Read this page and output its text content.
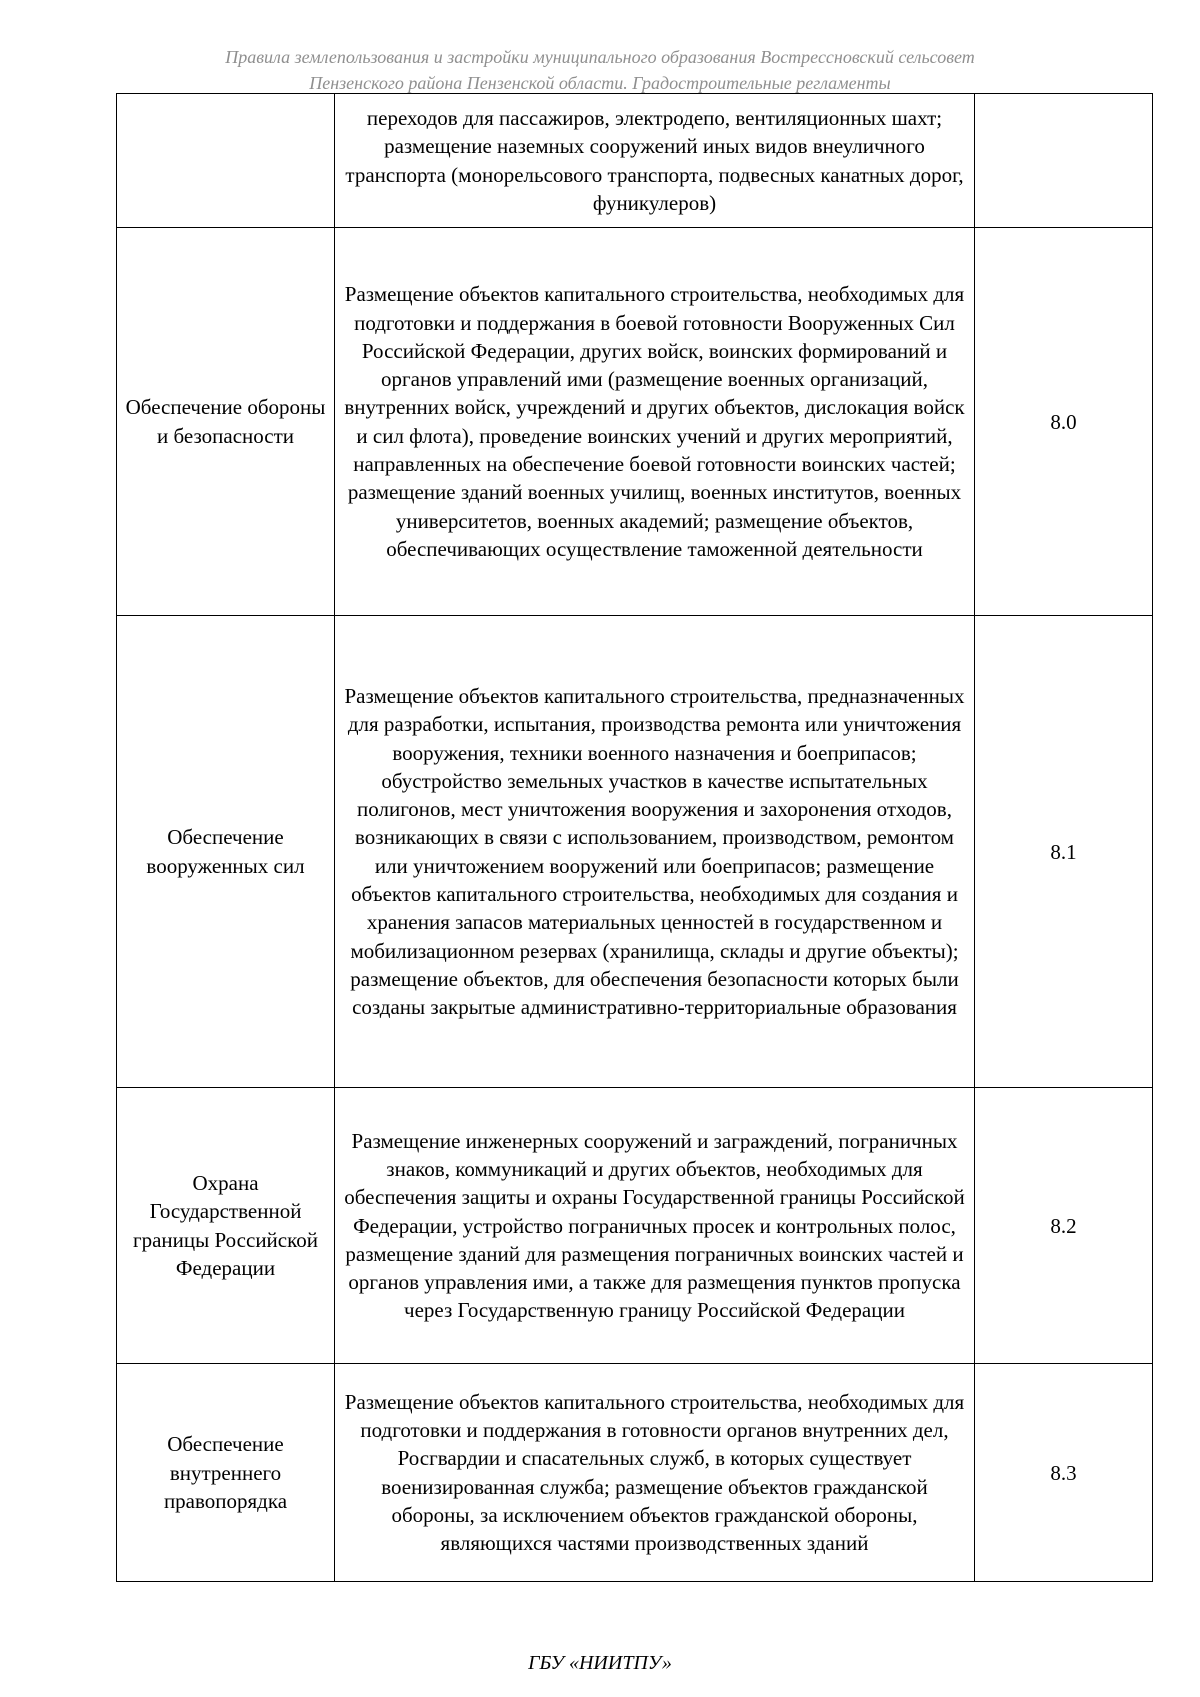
Правила землепользования и застройки муниципального образования Вострессновский сельсовет
Пензенского района Пензенской области. Градостроительные регламенты
	переходов для пассажиров, электродепо, вентиляционных шахт; размещение наземных сооружений иных видов внеуличного транспорта (монорельсового транспорта, подвесных канатных дорог, фуникулеров)	
Обеспечение обороны и безопасности	Размещение объектов капитального строительства, необходимых для подготовки и поддержания в боевой готовности Вооруженных Сил Российской Федерации, других войск, воинских формирований и органов управлений ими (размещение военных организаций, внутренних войск, учреждений и других объектов, дислокация войск и сил флота), проведение воинских учений и других мероприятий, направленных на обеспечение боевой готовности воинских частей; размещение зданий военных училищ, военных институтов, военных университетов, военных академий; размещение объектов, обеспечивающих осуществление таможенной деятельности	8.0
Обеспечение вооруженных сил	Размещение объектов капитального строительства, предназначенных для разработки, испытания, производства ремонта или уничтожения вооружения, техники военного назначения и боеприпасов; обустройство земельных участков в качестве испытательных полигонов, мест уничтожения вооружения и захоронения отходов, возникающих в связи с использованием, производством, ремонтом или уничтожением вооружений или боеприпасов; размещение объектов капитального строительства, необходимых для создания и хранения запасов материальных ценностей в государственном и мобилизационном резервах (хранилища, склады и другие объекты); размещение объектов, для обеспечения безопасности которых были созданы закрытые административно-территориальные образования	8.1
Охрана Государственной границы Российской Федерации	Размещение инженерных сооружений и заграждений, пограничных знаков, коммуникаций и других объектов, необходимых для обеспечения защиты и охраны Государственной границы Российской Федерации, устройство пограничных просек и контрольных полос, размещение зданий для размещения пограничных воинских частей и органов управления ими, а также для размещения пунктов пропуска через Государственную границу Российской Федерации	8.2
Обеспечение внутреннего правопорядка	Размещение объектов капитального строительства, необходимых для подготовки и поддержания в готовности органов внутренних дел, Росгвардии и спасательных служб, в которых существует военизированная служба; размещение объектов гражданской обороны, за исключением объектов гражданской обороны, являющихся частями производственных зданий	8.3
ГБУ «НИИТПУ»
